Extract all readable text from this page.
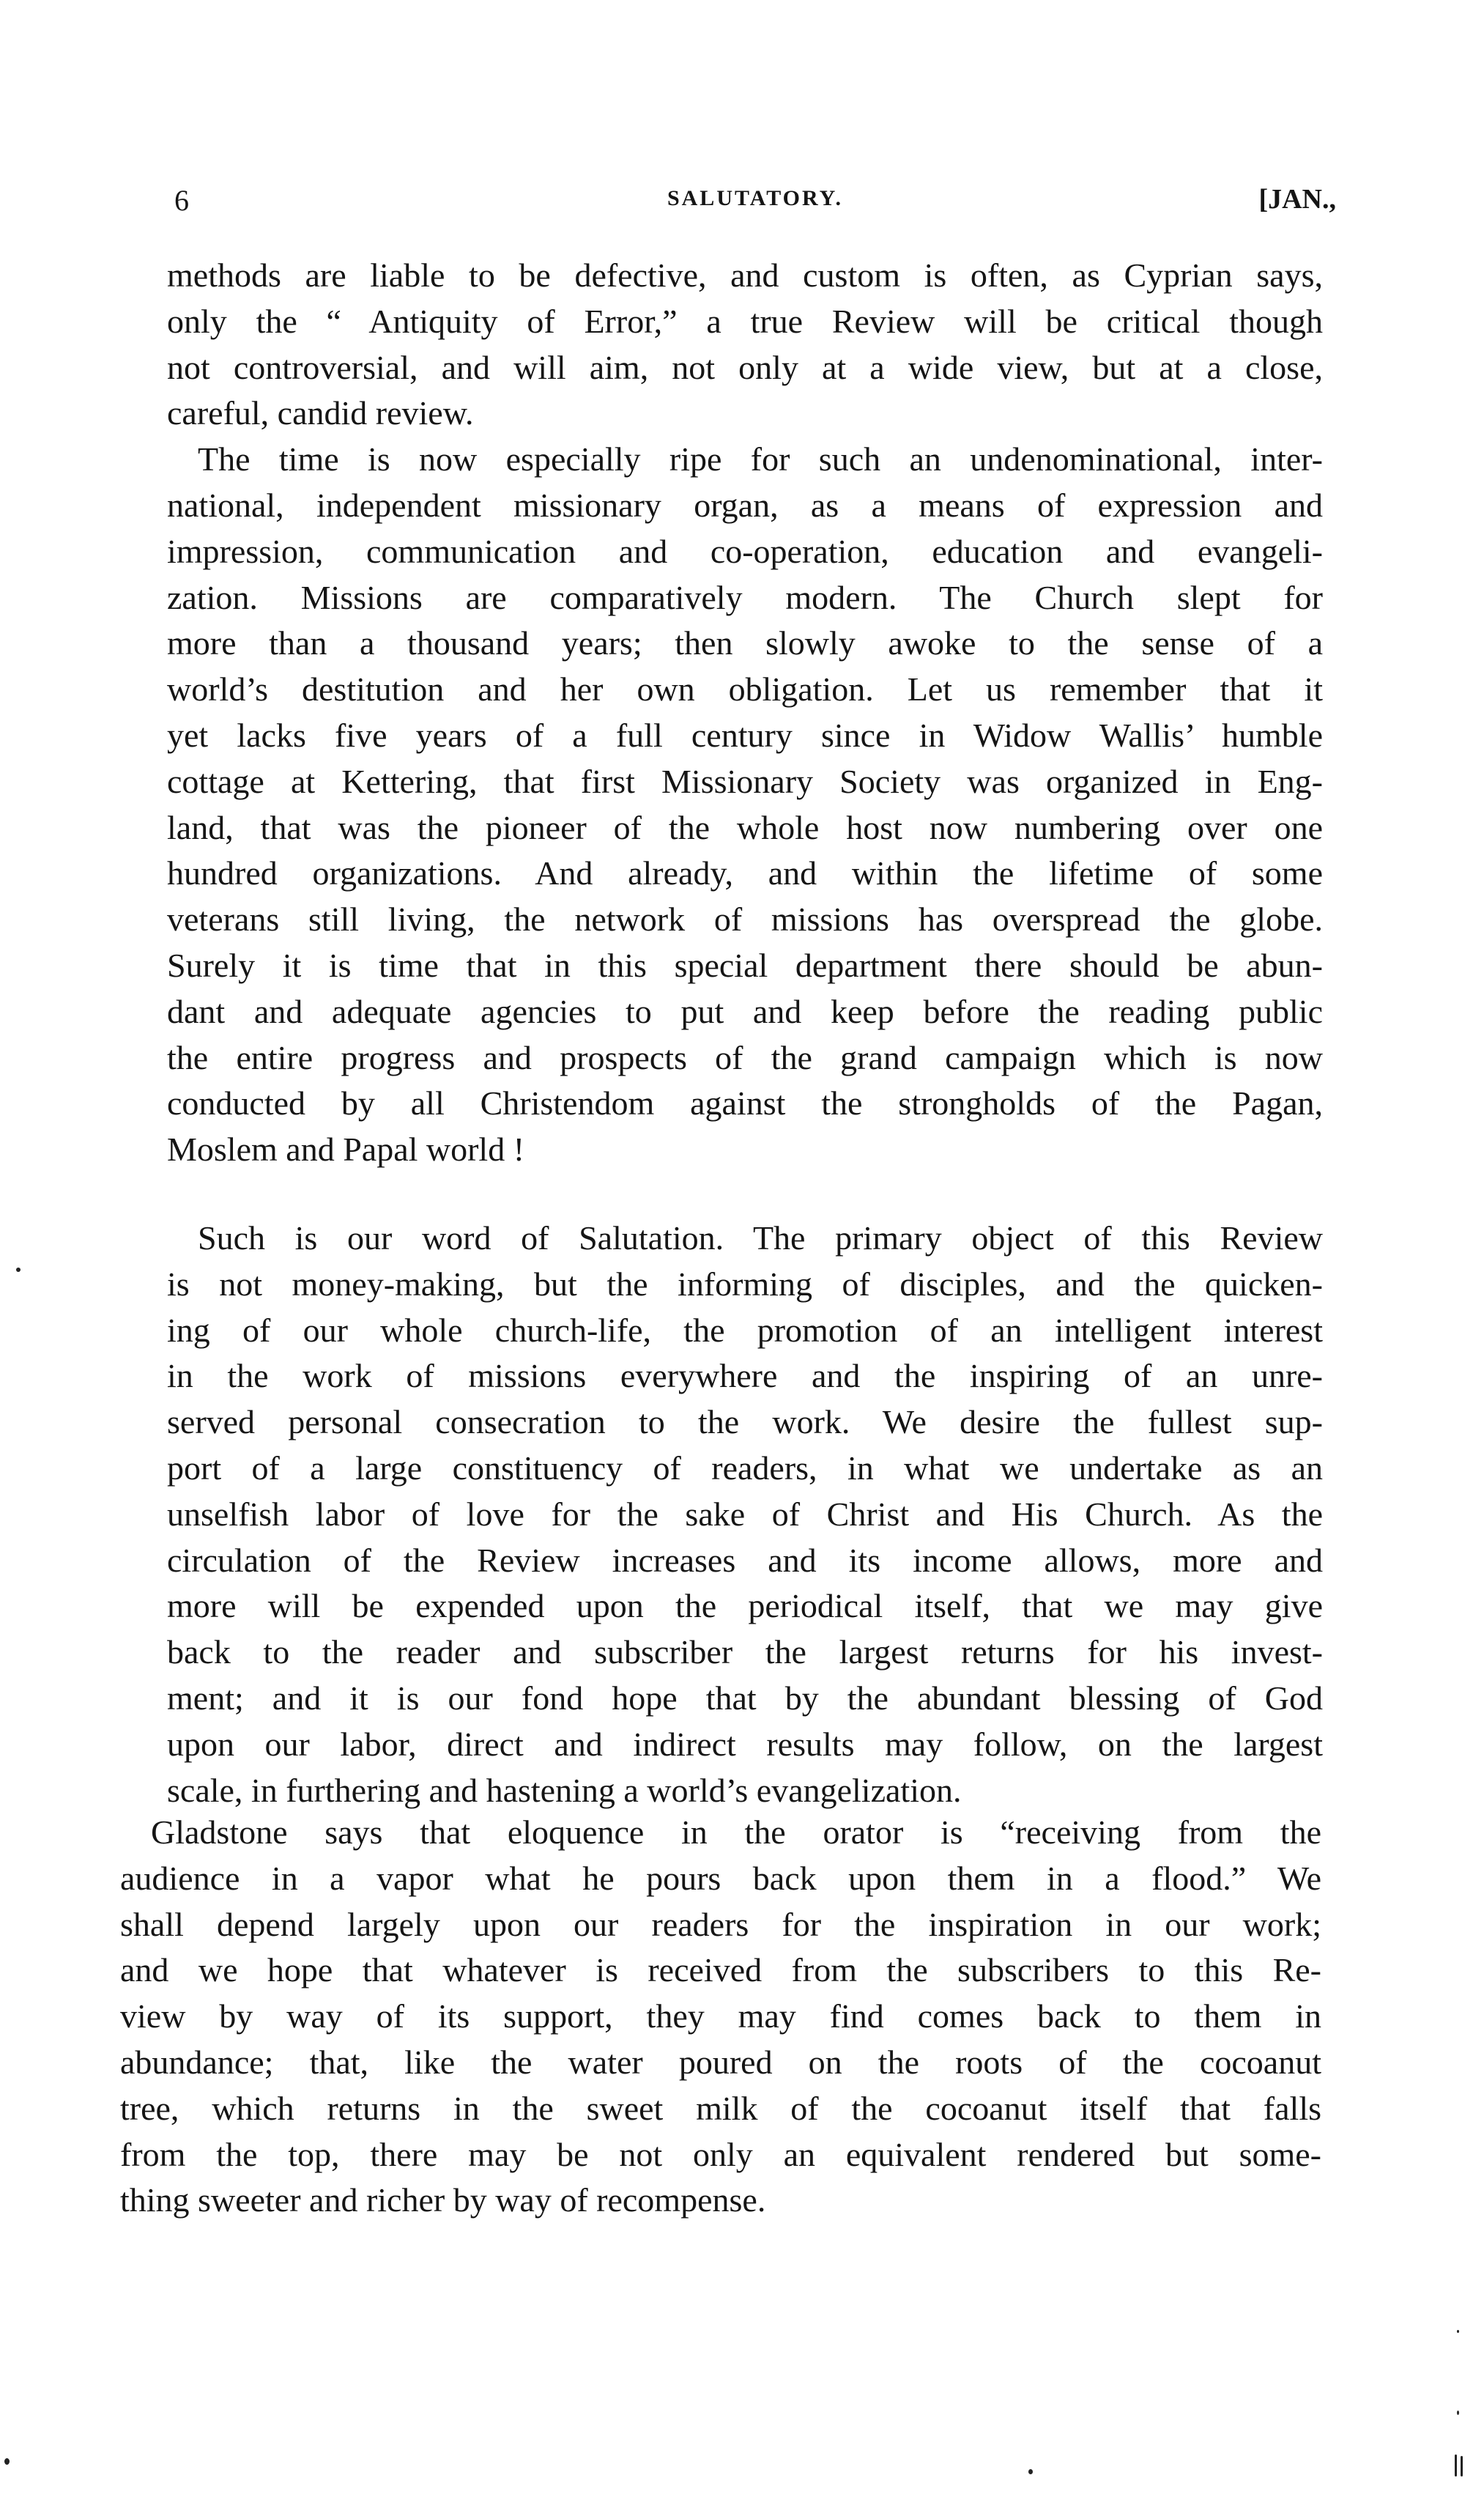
6	SALUTATORY.	[JAN.,
methods are liable to be defective, and custom is often, as Cyprian says,
only the “ Antiquity of Error,” a true Review will be critical though
not controversial, and will aim, not only at a wide view, but at a close,
careful, candid review.
The time is now especially ripe for such an undenominational, inter-
national, independent missionary organ, as a means of expression and
impression, communication and co-operation, education and evangeli-
zation. Missions are comparatively modern. The Church slept for
more than a thousand years; then slowly awoke to the sense of a
world’s destitution and her own obligation. Let us remember that it
yet lacks five years of a full century since in Widow Wallis’ humble
cottage at Kettering, that first Missionary Society was organized in Eng-
land, that was the pioneer of the whole host now numbering over one
hundred organizations. And already, and within the lifetime of some
veterans still living, the network of missions has overspread the globe.
Surely it is time that in this special department there should be abun-
dant and adequate agencies to put and keep before the reading public
the entire progress and prospects of the grand campaign which is now
conducted by all Christendom against the strongholds of the Pagan,
Moslem and Papal world !
Such is our word of Salutation. The primary object of this Review
is not money-making, but the informing of disciples, and the quicken-
ing of our whole church-life, the promotion of an intelligent interest
in the work of missions everywhere and the inspiring of an unre-
served personal consecration to the work. We desire the fullest sup-
port of a large constituency of readers, in what we undertake as an
unselfish labor of love for the sake of Christ and His Church. As the
circulation of the Review increases and its income allows, more and
more will be expended upon the periodical itself, that we may give
back to the reader and subscriber the largest returns for his invest-
ment; and it is our fond hope that by the abundant blessing of God
upon our labor, direct and indirect results may follow, on the largest
scale, in furthering and hastening a world’s evangelization.
Gladstone says that eloquence in the orator is “receiving from the
audience in a vapor what he pours back upon them in a flood.” We
shall depend largely upon our readers for the inspiration in our work;
and we hope that whatever is received from the subscribers to this Re-
view by way of its support, they may find comes back to them in
abundance; that, like the water poured on the roots of the cocoanut
tree, which returns in the sweet milk of the cocoanut itself that falls
from the top, there may be not only an equivalent rendered but some-
thing sweeter and richer by way of recompense.
